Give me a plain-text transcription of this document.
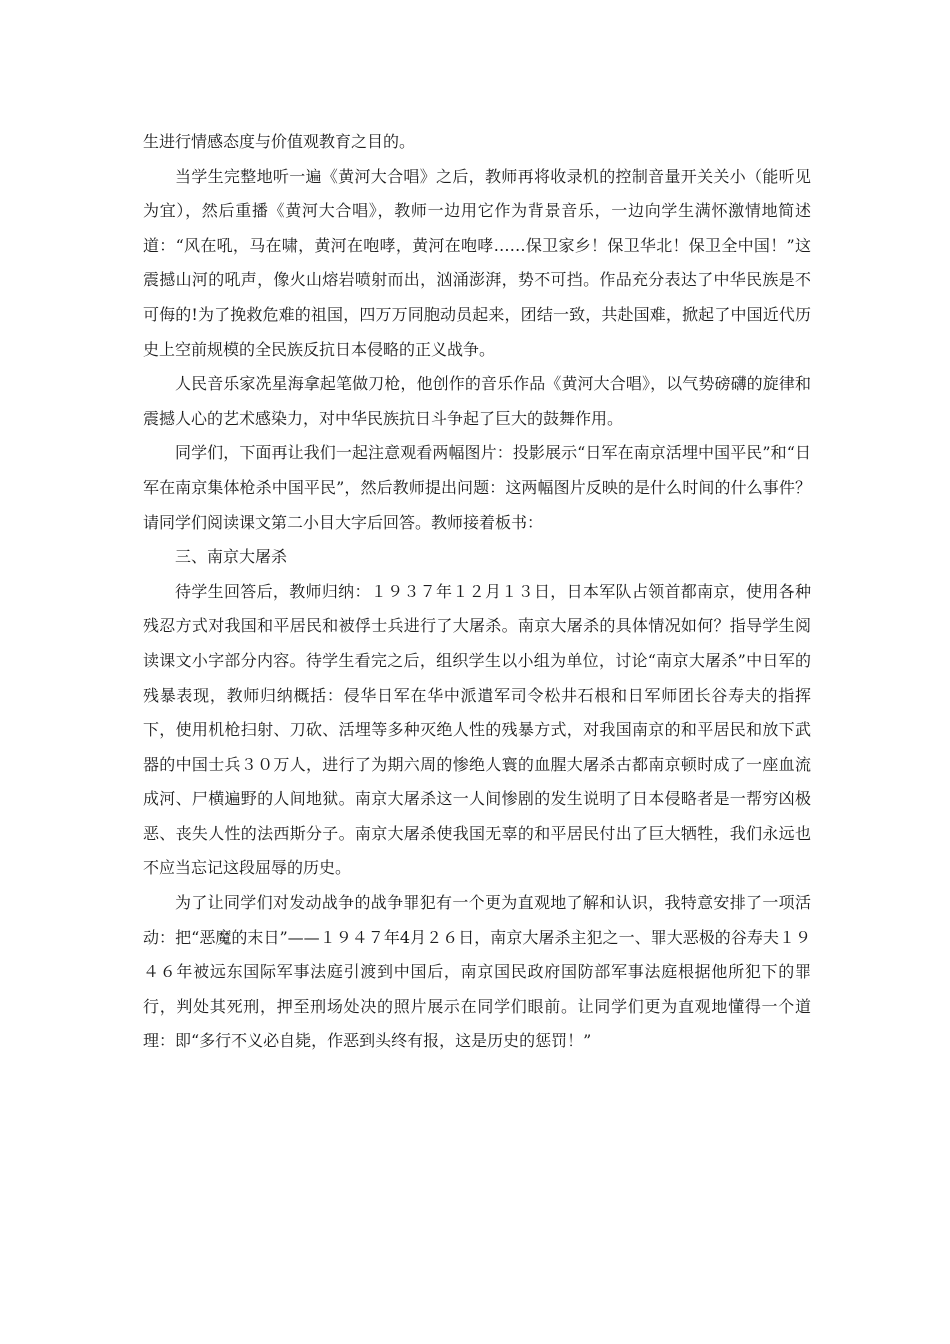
生进行情感态度与价值观教育之目的。

当学生完整地听一遍《黄河大合唱》之后，教师再将收录机的控制音量开关关小（能听见为宜），然后重播《黄河大合唱》，教师一边用它作为背景音乐，一边向学生满怀激情地简述道：“风在吼，马在啸，黄河在咆哮，黄河在咆哮……保卫家乡！保卫华北！保卫全中国！”这震撼山河的吼声，像火山熔岩喷射而出，汹涌澎湃，势不可挡。作品充分表达了中华民族是不可侮的!为了挽救危难的祖国，四万万同胞动员起来，团结一致，共赴国难，掀起了中国近代历史上空前规模的全民族反抗日本侵略的正义战争。

人民音乐家冼星海拿起笔做刀枪，他创作的音乐作品《黄河大合唱》，以气势磅礴的旋律和震撼人心的艺术感染力，对中华民族抗日斗争起了巨大的鼓舞作用。

同学们，下面再让我们一起注意观看两幅图片：投影展示“日军在南京活埋中国平民”和“日军在南京集体枪杀中国平民”，然后教师提出问题：这两幅图片反映的是什么时间的什么事件？请同学们阅读课文第二小目大字后回答。教师接着板书：

三、南京大屠杀

待学生回答后，教师归纳：１９３７年１２月１３日，日本军队占领首都南京，使用各种残忍方式对我国和平居民和被俘士兵进行了大屠杀。南京大屠杀的具体情况如何？指导学生阅读课文小字部分内容。待学生看完之后，组织学生以小组为单位，讨论“南京大屠杀”中日军的残暴表现，教师归纳概括：侵华日军在华中派遣军司令松井石根和日军师团长谷寿夫的指挥下，使用机枪扫射、刀砍、活埋等多种灭绝人性的残暴方式，对我国南京的和平居民和放下武器的中国士兵３０万人，进行了为期六周的惨绝人寰的血腥大屠杀古都南京顿时成了一座血流成河、尸横遍野的人间地狱。南京大屠杀这一人间惨剧的发生说明了日本侵略者是一帮穷凶极恶、丧失人性的法西斯分子。南京大屠杀使我国无辜的和平居民付出了巨大牺牲，我们永远也不应当忘记这段屈辱的历史。

为了让同学们对发动战争的战争罪犯有一个更为直观地了解和认识，我特意安排了一项活动：把“恶魔的末日”——１９４７年4月２６日，南京大屠杀主犯之一、罪大恶极的谷寿夫１９４６年被远东国际军事法庭引渡到中国后，南京国民政府国防部军事法庭根据他所犯下的罪行，判处其死刑，押至刑场处决的照片展示在同学们眼前。让同学们更为直观地懂得一个道理：即“多行不义必自毙，作恶到头终有报，这是历史的惩罚！”
